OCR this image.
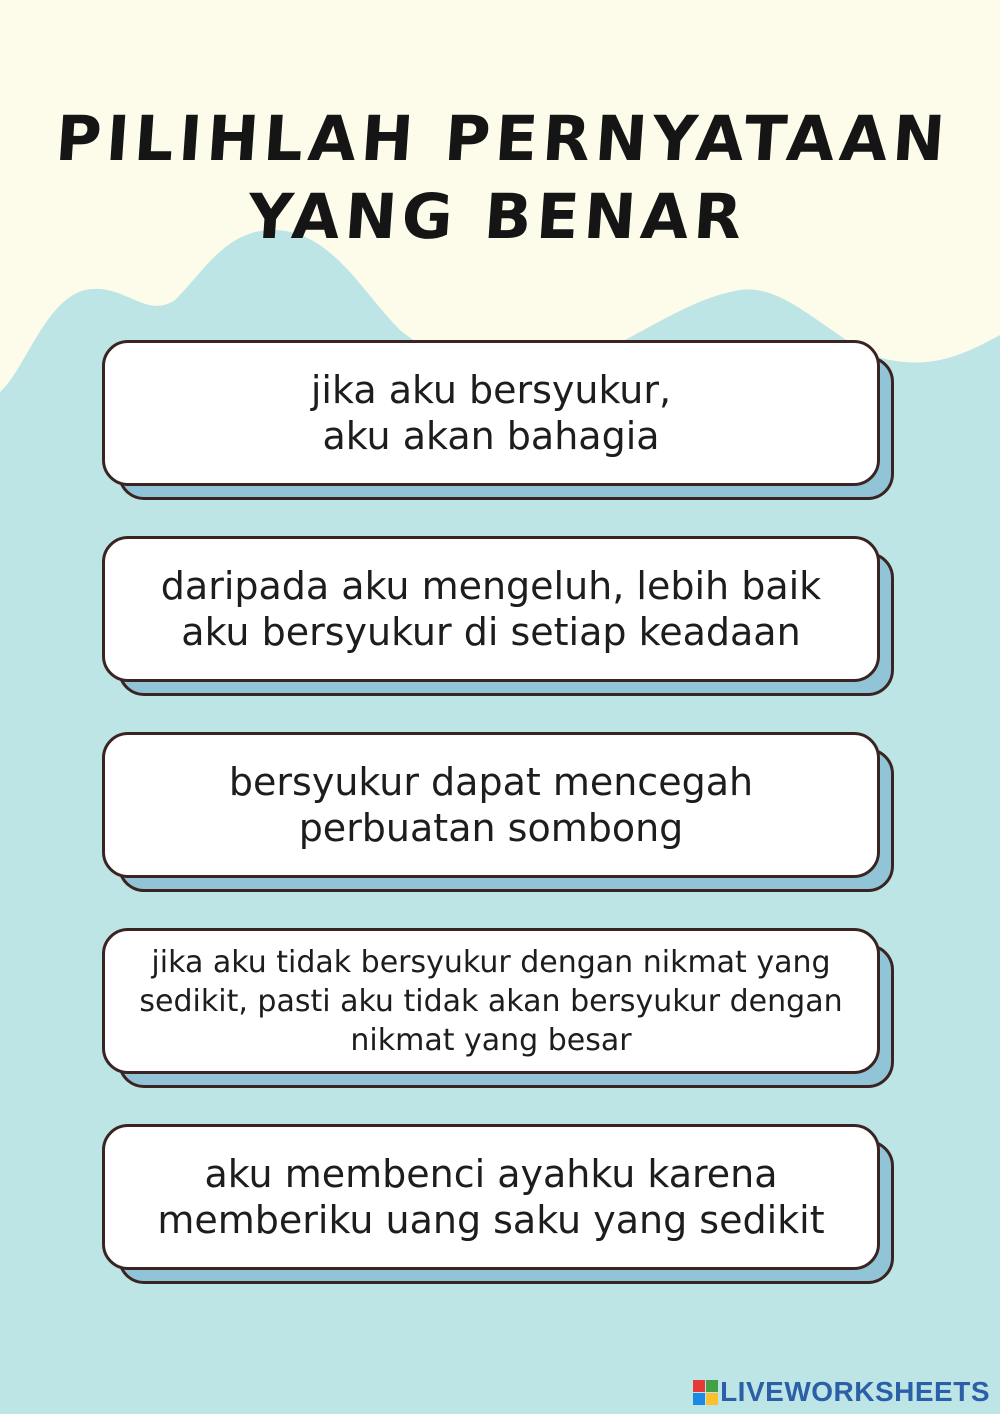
PILIHLAH PERNYATAAN
YANG BENAR
jika aku bersyukur,
aku akan bahagia
daripada aku mengeluh, lebih baik
aku bersyukur di setiap keadaan
bersyukur dapat mencegah
perbuatan sombong
jika aku tidak bersyukur dengan nikmat yang
sedikit, pasti aku tidak akan bersyukur dengan
nikmat yang besar
aku membenci ayahku karena
memberiku uang saku yang sedikit
LIVEWORKSHEETS
